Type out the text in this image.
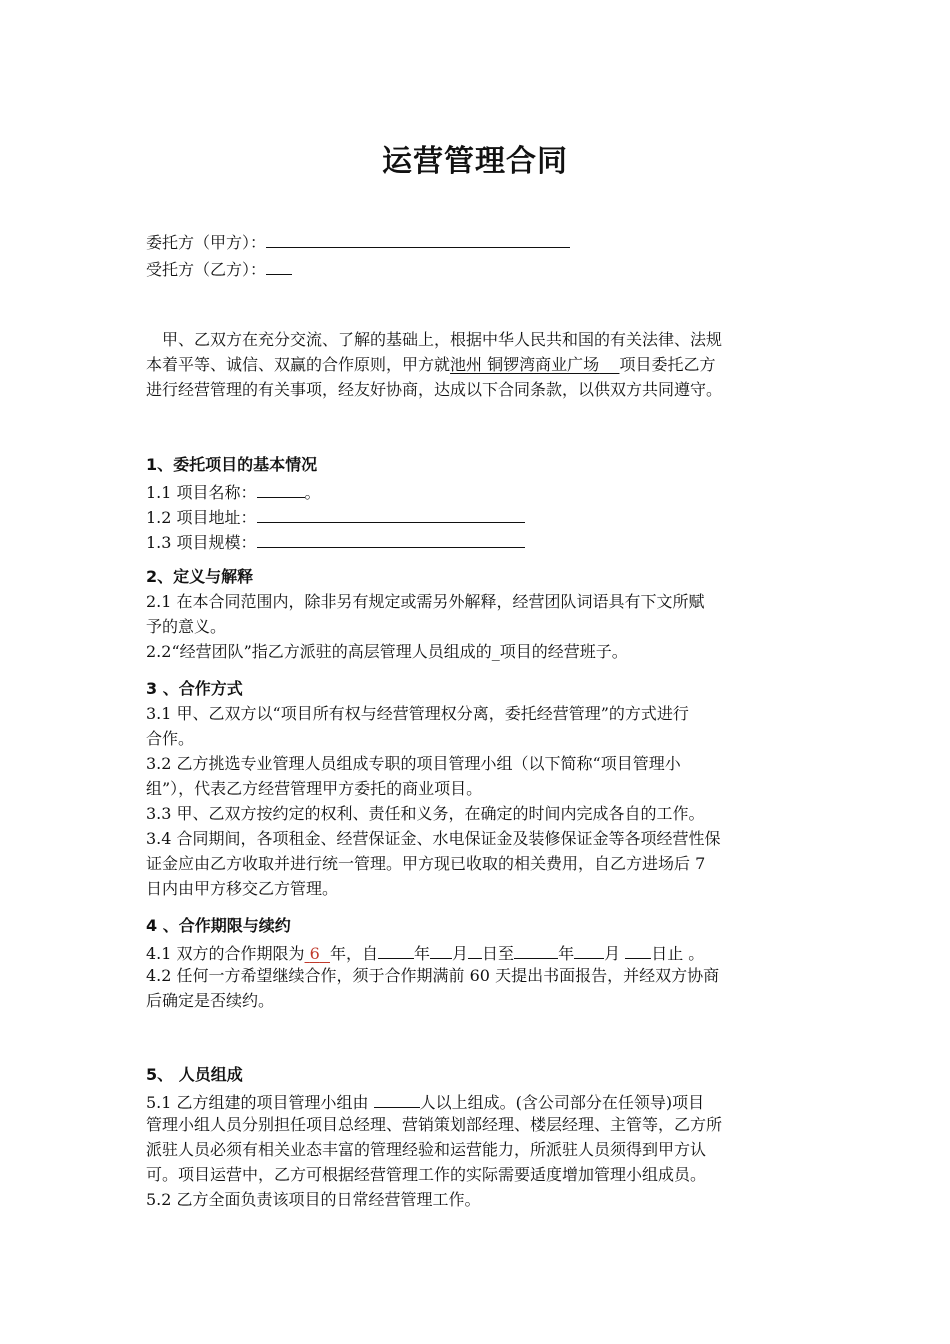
运营管理合同
委托方（甲方）：
受托方（乙方）：
甲、乙双方在充分交流、了解的基础上，根据中华人民共和国的有关法律、法规
本着平等、诚信、双赢的合作原则，甲方就池州 铜锣湾商业广场 项目委托乙方
进行经营管理的有关事项，经友好协商，达成以下合同条款，以供双方共同遵守。
1、委托项目的基本情况
1.1 项目名称：	。
1.2 项目地址：
1.3 项目规模：
2、定义与解释
2.1 在本合同范围内，除非另有规定或需另外解释，经营团队词语具有下文所赋
予的意义。
2.2“经营团队”指乙方派驻的高层管理人员组成的_项目的经营班子。
3 、合作方式
3.1 甲、乙双方以“项目所有权与经营管理权分离，委托经营管理”的方式进行
合作。
3.2 乙方挑选专业管理人员组成专职的项目管理小组（以下简称“项目管理小
组”），代表乙方经营管理甲方委托的商业项目。
3.3 甲、乙双方按约定的权利、责任和义务，在确定的时间内完成各自的工作。
3.4 合同期间，各项租金、经营保证金、水电保证金及装修保证金等各项经营性保
证金应由乙方收取并进行统一管理。甲方现已收取的相关费用，自乙方进场后 7
日内由甲方移交乙方管理。
4 、合作期限与续约
4.1 双方的合作期限为 6 年，自 年 月 日至	年 月 日止 。
4.2 任何一方希望继续合作，须于合作期满前 60 天提出书面报告，并经双方协商
后确定是否续约。
5、 人员组成
5.1 乙方组建的项目管理小组由	人以上组成。(含公司部分在任领导)项目
管理小组人员分别担任项目总经理、营销策划部经理、楼层经理、主管等，乙方所
派驻人员必须有相关业态丰富的管理经验和运营能力，所派驻人员须得到甲方认
可。项目运营中，乙方可根据经营管理工作的实际需要适度增加管理小组成员。
5.2 乙方全面负责该项目的日常经营管理工作。
